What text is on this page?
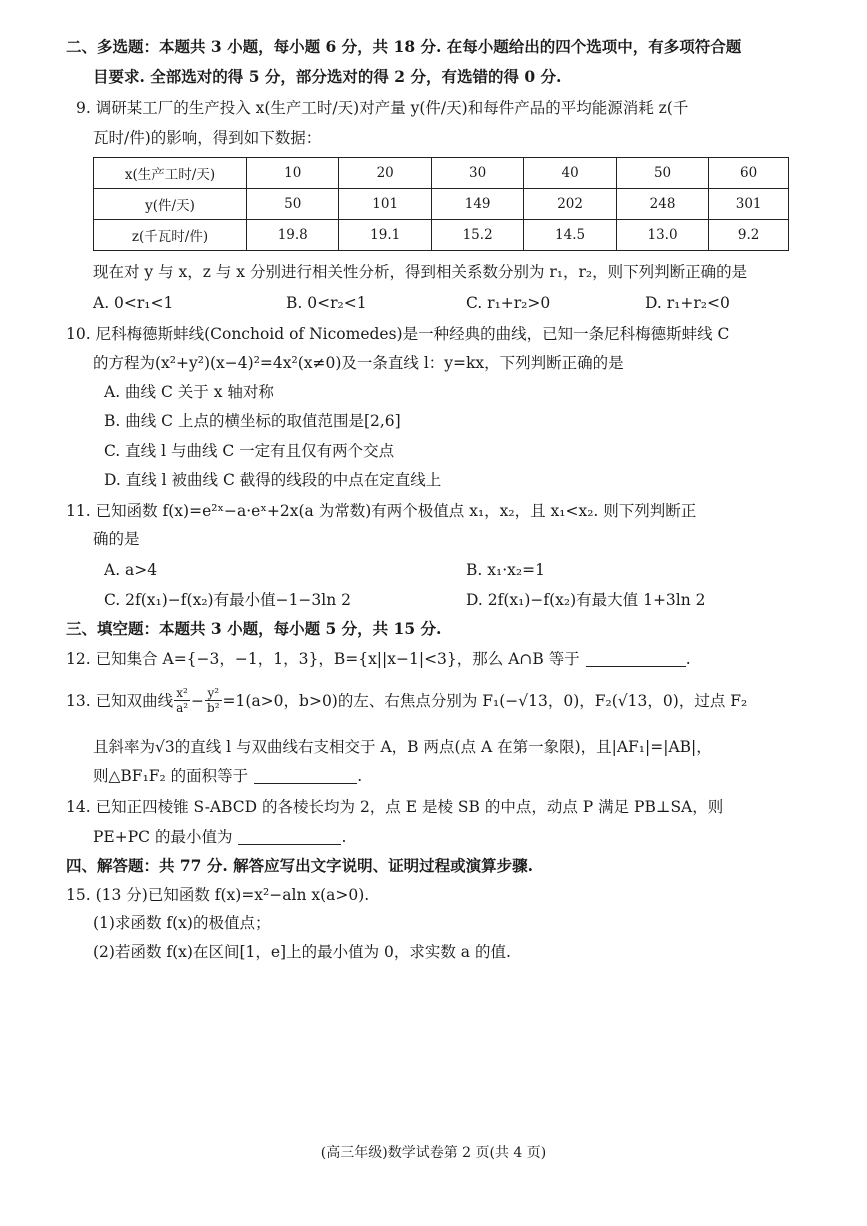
二、多选题：本题共 3 小题，每小题 6 分，共 18 分. 在每小题给出的四个选项中，有多项符合题
目要求. 全部选对的得 5 分，部分选对的得 2 分，有选错的得 0 分.
9. 调研某工厂的生产投入 x(生产工时/天)对产量 y(件/天)和每件产品的平均能源消耗 z(千
瓦时/件)的影响，得到如下数据：
x(生产工时/天)	10	20	30	40	50	60
y(件/天)	50	101	149	202	248	301
z(千瓦时/件)	19.8	19.1	15.2	14.5	13.0	9.2
现在对 y 与 x，z 与 x 分别进行相关性分析，得到相关系数分别为 r₁，r₂，则下列判断正确的是
A. 0<r₁<1	B. 0<r₂<1	C. r₁+r₂>0	D. r₁+r₂<0
10. 尼科梅德斯蚌线(Conchoid of Nicomedes)是一种经典的曲线，已知一条尼科梅德斯蚌线 C
的方程为(x²+y²)(x−4)²=4x²(x≠0)及一条直线 l：y=kx，下列判断正确的是
A. 曲线 C 关于 x 轴对称
B. 曲线 C 上点的横坐标的取值范围是[2,6]
C. 直线 l 与曲线 C 一定有且仅有两个交点
D. 直线 l 被曲线 C 截得的线段的中点在定直线上
11. 已知函数 f(x)=e²ˣ−a·eˣ+2x(a 为常数)有两个极值点 x₁，x₂，且 x₁<x₂. 则下列判断正
确的是
A. a>4	B. x₁·x₂=1
C. 2f(x₁)−f(x₂)有最小值−1−3ln 2	D. 2f(x₁)−f(x₂)有最大值 1+3ln 2
三、填空题：本题共 3 小题，每小题 5 分，共 15 分.
12. 已知集合 A={−3，−1，1，3}，B={x||x−1|<3}，那么 A∩B 等于	.
13. 已知双曲线 $\frac{\text{x²}}{\text{a²}} - \frac{\text{y²}}{\text{b²}} =1(a>0$，b>0)的左、右焦点分别为 F₁(−√13，0)，F₂(√13，0)，过点 F₂
且斜率为√3的直线 l 与双曲线右支相交于 A，B 两点(点 A 在第一象限)，且|AF₁|=|AB|，
则△BF₁F₂ 的面积等于	.
14. 已知正四棱锥 S-ABCD 的各棱长均为 2，点 E 是棱 SB 的中点，动点 P 满足 PB⊥SA，则
PE+PC 的最小值为	.
四、解答题：共 77 分. 解答应写出文字说明、证明过程或演算步骤.
15. (13 分)已知函数 f(x)=x²−aln x(a>0).
(1)求函数 f(x)的极值点；
(2)若函数 f(x)在区间[1，e]上的最小值为 0，求实数 a 的值.
(高三年级)数学试卷第 2 页(共 4 页)
